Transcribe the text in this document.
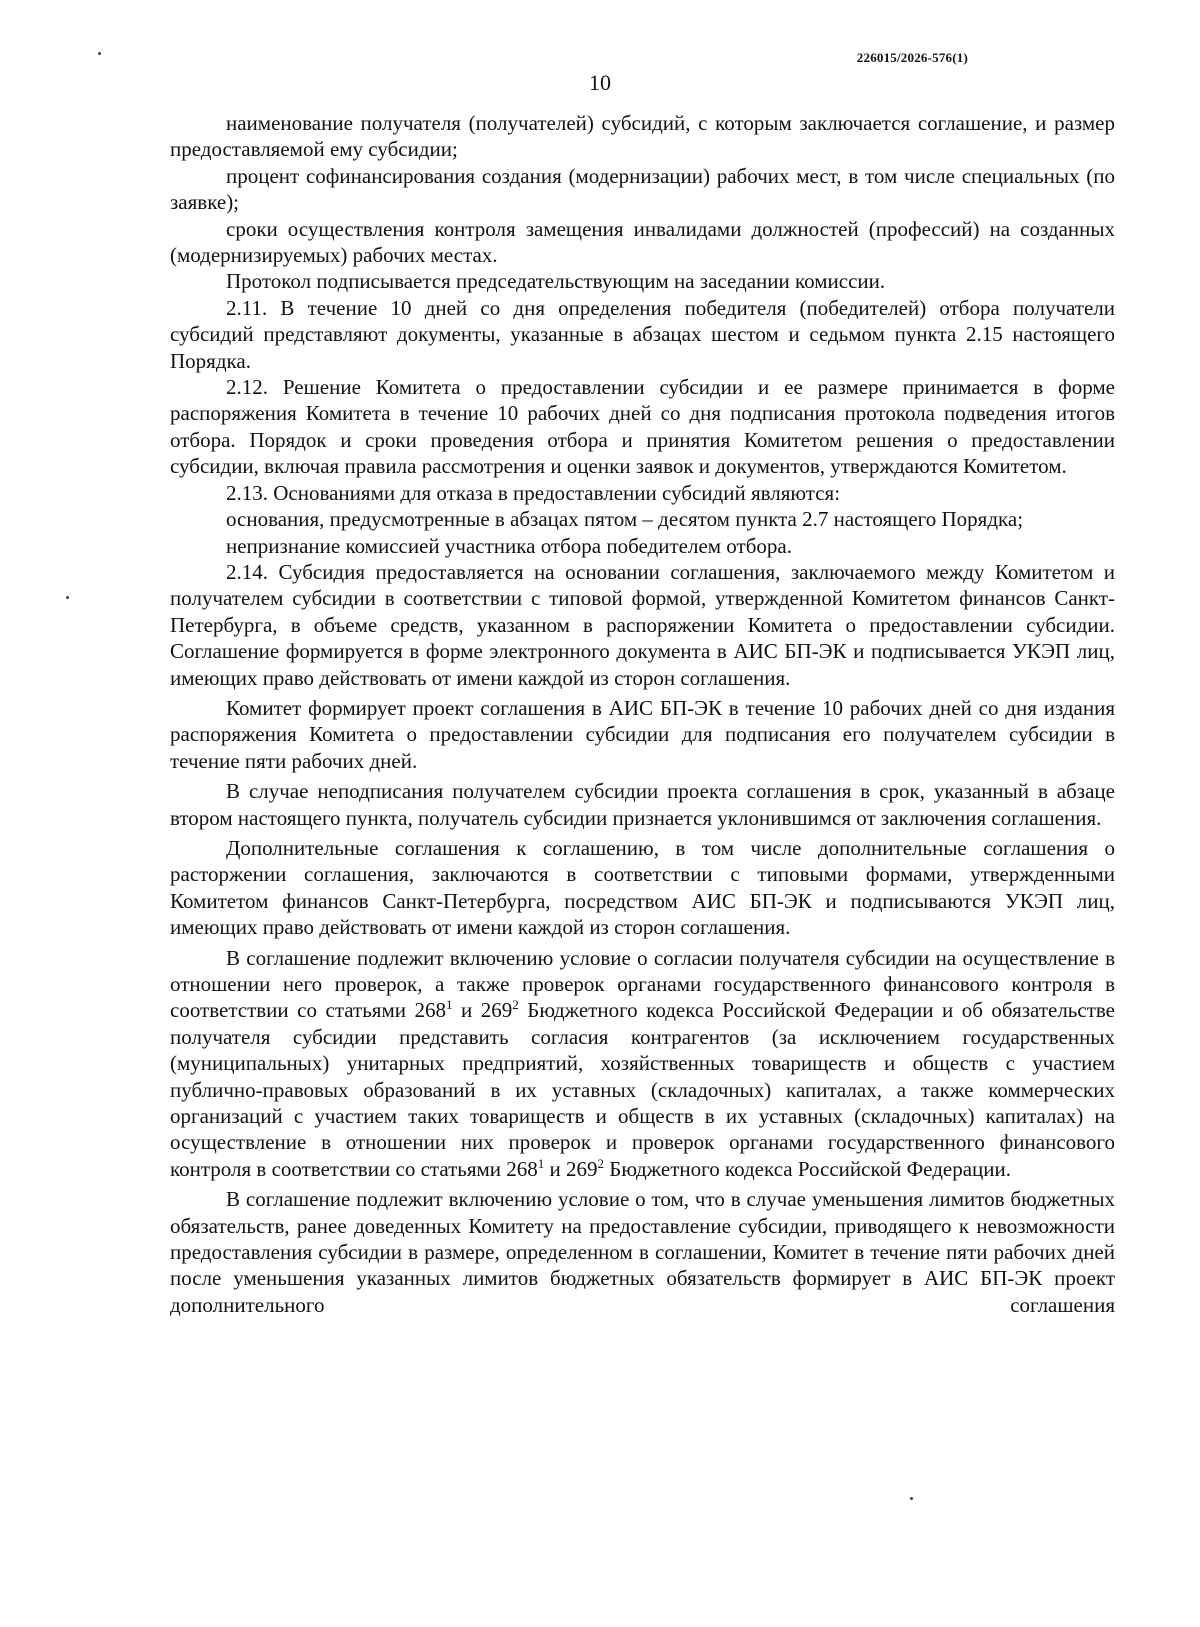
226015/2026-576(1)
10

наименование получателя (получателей) субсидий, с которым заключается соглашение, и размер предоставляемой ему субсидии;

процент софинансирования создания (модернизации) рабочих мест, в том числе специальных (по заявке);

сроки осуществления контроля замещения инвалидами должностей (профессий) на созданных (модернизируемых) рабочих местах.

Протокол подписывается председательствующим на заседании комиссии.

2.11. В течение 10 дней со дня определения победителя (победителей) отбора получатели субсидий представляют документы, указанные в абзацах шестом и седьмом пункта 2.15 настоящего Порядка.

2.12. Решение Комитета о предоставлении субсидии и ее размере принимается в форме распоряжения Комитета в течение 10 рабочих дней со дня подписания протокола подведения итогов отбора. Порядок и сроки проведения отбора и принятия Комитетом решения о предоставлении субсидии, включая правила рассмотрения и оценки заявок и документов, утверждаются Комитетом.

2.13. Основаниями для отказа в предоставлении субсидий являются:

основания, предусмотренные в абзацах пятом – десятом пункта 2.7 настоящего Порядка;

непризнание комиссией участника отбора победителем отбора.

2.14. Субсидия предоставляется на основании соглашения, заключаемого между Комитетом и получателем субсидии в соответствии с типовой формой, утвержденной Комитетом финансов Санкт-Петербурга, в объеме средств, указанном в распоряжении Комитета о предоставлении субсидии. Соглашение формируется в форме электронного документа в АИС БП-ЭК и подписывается УКЭП лиц, имеющих право действовать от имени каждой из сторон соглашения.

Комитет формирует проект соглашения в АИС БП-ЭК в течение 10 рабочих дней со дня издания распоряжения Комитета о предоставлении субсидии для подписания его получателем субсидии в течение пяти рабочих дней.

В случае неподписания получателем субсидии проекта соглашения в срок, указанный в абзаце втором настоящего пункта, получатель субсидии признается уклонившимся от заключения соглашения.

Дополнительные соглашения к соглашению, в том числе дополнительные соглашения о расторжении соглашения, заключаются в соответствии с типовыми формами, утвержденными Комитетом финансов Санкт-Петербурга, посредством АИС БП-ЭК и подписываются УКЭП лиц, имеющих право действовать от имени каждой из сторон соглашения.

В соглашение подлежит включению условие о согласии получателя субсидии на осуществление в отношении него проверок, а также проверок органами государственного финансового контроля в соответствии со статьями $268^1$ и $269^2$ Бюджетного кодекса Российской Федерации и об обязательстве получателя субсидии представить согласия контрагентов (за исключением государственных (муниципальных) унитарных предприятий, хозяйственных товариществ и обществ с участием публично-правовых образований в их уставных (складочных) капиталах, а также коммерческих организаций с участием таких товариществ и обществ в их уставных (складочных) капиталах) на осуществление в отношении них проверок и проверок органами государственного финансового контроля в соответствии со статьями $268^1$ и $269^2$ Бюджетного кодекса Российской Федерации.

В соглашение подлежит включению условие о том, что в случае уменьшения лимитов бюджетных обязательств, ранее доведенных Комитету на предоставление субсидии, приводящего к невозможности предоставления субсидии в размере, определенном в соглашении, Комитет в течение пяти рабочих дней после уменьшения указанных лимитов бюджетных обязательств формирует в АИС БП-ЭК проект дополнительного соглашения
